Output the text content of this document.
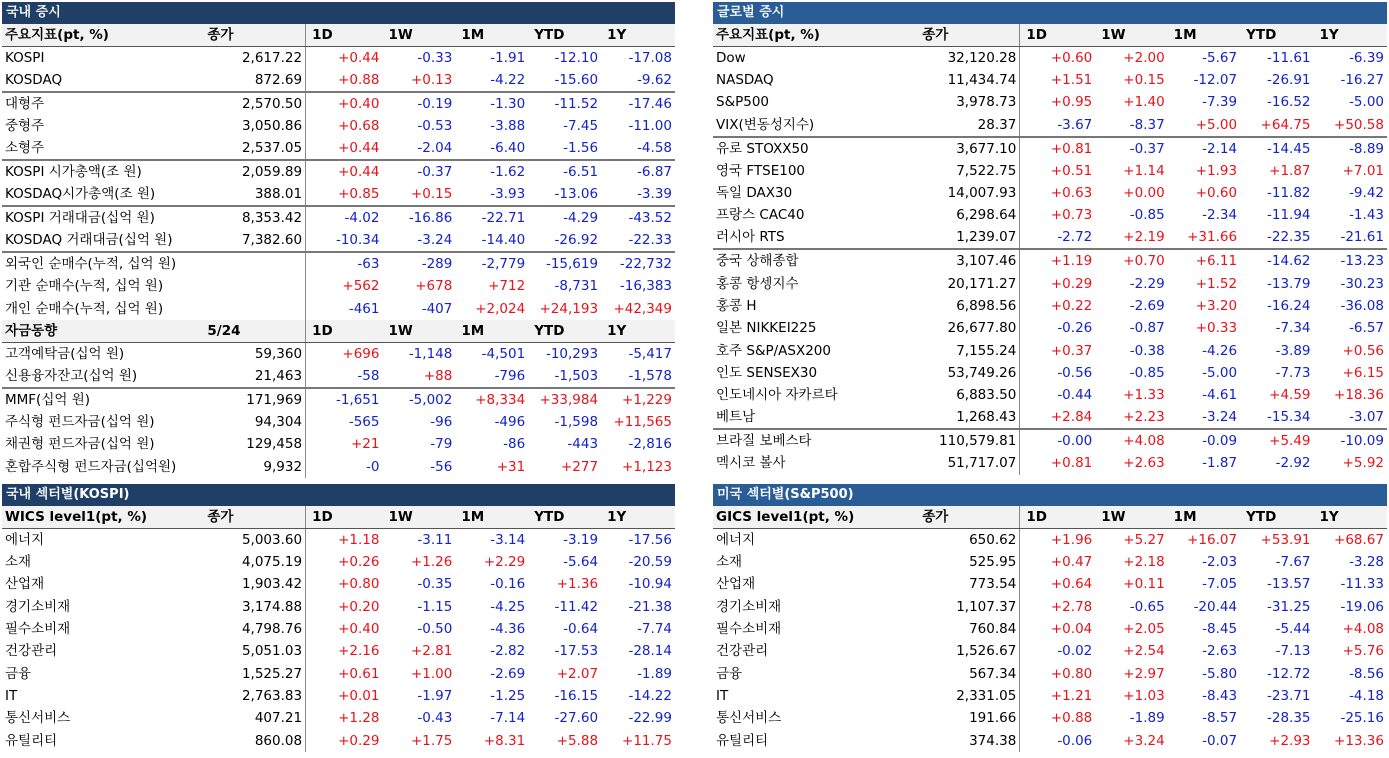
국내 증시
주요지표(pt, %)	종가	1D	1W	1M	YTD	1Y
KOSPI	2,617.22	+0.44	-0.33	-1.91	-12.10	-17.08
KOSDAQ	872.69	+0.88	+0.13	-4.22	-15.60	-9.62
대형주	2,570.50	+0.40	-0.19	-1.30	-11.52	-17.46
중형주	3,050.86	+0.68	-0.53	-3.88	-7.45	-11.00
소형주	2,537.05	+0.44	-2.04	-6.40	-1.56	-4.58
KOSPI 시가총액(조 원)	2,059.89	+0.44	-0.37	-1.62	-6.51	-6.87
KOSDAQ시가총액(조 원)	388.01	+0.85	+0.15	-3.93	-13.06	-3.39
KOSPI 거래대금(십억 원)	8,353.42	-4.02	-16.86	-22.71	-4.29	-43.52
KOSDAQ 거래대금(십억 원)	7,382.60	-10.34	-3.24	-14.40	-26.92	-22.33
외국인 순매수(누적, 십억 원)		-63	-289	-2,779	-15,619	-22,732
기관 순매수(누적, 십억 원)		+562	+678	+712	-8,731	-16,383
개인 순매수(누적, 십억 원)		-461	-407	+2,024	+24,193	+42,349
자금동향	5/24	1D	1W	1M	YTD	1Y
고객예탁금(십억 원)	59,360	+696	-1,148	-4,501	-10,293	-5,417
신용융자잔고(십억 원)	21,463	-58	+88	-796	-1,503	-1,578
MMF(십억 원)	171,969	-1,651	-5,002	+8,334	+33,984	+1,229
주식형 펀드자금(십억 원)	94,304	-565	-96	-496	-1,598	+11,565
채권형 펀드자금(십억 원)	129,458	+21	-79	-86	-443	-2,816
혼합주식형 펀드자금(십억원)	9,932	-0	-56	+31	+277	+1,123
글로벌 증시
주요지표(pt, %)	종가	1D	1W	1M	YTD	1Y
Dow	32,120.28	+0.60	+2.00	-5.67	-11.61	-6.39
NASDAQ	11,434.74	+1.51	+0.15	-12.07	-26.91	-16.27
S&P500	3,978.73	+0.95	+1.40	-7.39	-16.52	-5.00
VIX(변동성지수)	28.37	-3.67	-8.37	+5.00	+64.75	+50.58
유로 STOXX50	3,677.10	+0.81	-0.37	-2.14	-14.45	-8.89
영국 FTSE100	7,522.75	+0.51	+1.14	+1.93	+1.87	+7.01
독일 DAX30	14,007.93	+0.63	+0.00	+0.60	-11.82	-9.42
프랑스 CAC40	6,298.64	+0.73	-0.85	-2.34	-11.94	-1.43
러시아 RTS	1,239.07	-2.72	+2.19	+31.66	-22.35	-21.61
중국 상해종합	3,107.46	+1.19	+0.70	+6.11	-14.62	-13.23
홍콩 항셍지수	20,171.27	+0.29	-2.29	+1.52	-13.79	-30.23
홍콩 H	6,898.56	+0.22	-2.69	+3.20	-16.24	-36.08
일본 NIKKEI225	26,677.80	-0.26	-0.87	+0.33	-7.34	-6.57
호주 S&P/ASX200	7,155.24	+0.37	-0.38	-4.26	-3.89	+0.56
인도 SENSEX30	53,749.26	-0.56	-0.85	-5.00	-7.73	+6.15
인도네시아 자카르타	6,883.50	-0.44	+1.33	-4.61	+4.59	+18.36
베트남	1,268.43	+2.84	+2.23	-3.24	-15.34	-3.07
브라질 보베스타	110,579.81	-0.00	+4.08	-0.09	+5.49	-10.09
멕시코 볼사	51,717.07	+0.81	+2.63	-1.87	-2.92	+5.92
국내 섹터별(KOSPI)
WICS level1(pt, %)	종가	1D	1W	1M	YTD	1Y
에너지	5,003.60	+1.18	-3.11	-3.14	-3.19	-17.56
소재	4,075.19	+0.26	+1.26	+2.29	-5.64	-20.59
산업재	1,903.42	+0.80	-0.35	-0.16	+1.36	-10.94
경기소비재	3,174.88	+0.20	-1.15	-4.25	-11.42	-21.38
필수소비재	4,798.76	+0.40	-0.50	-4.36	-0.64	-7.74
건강관리	5,051.03	+2.16	+2.81	-2.82	-17.53	-28.14
금융	1,525.27	+0.61	+1.00	-2.69	+2.07	-1.89
IT	2,763.83	+0.01	-1.97	-1.25	-16.15	-14.22
통신서비스	407.21	+1.28	-0.43	-7.14	-27.60	-22.99
유틸리티	860.08	+0.29	+1.75	+8.31	+5.88	+11.75
미국 섹터별(S&P500)
GICS level1(pt, %)	종가	1D	1W	1M	YTD	1Y
에너지	650.62	+1.96	+5.27	+16.07	+53.91	+68.67
소재	525.95	+0.47	+2.18	-2.03	-7.67	-3.28
산업재	773.54	+0.64	+0.11	-7.05	-13.57	-11.33
경기소비재	1,107.37	+2.78	-0.65	-20.44	-31.25	-19.06
필수소비재	760.84	+0.04	+2.05	-8.45	-5.44	+4.08
건강관리	1,526.67	-0.02	+2.54	-2.63	-7.13	+5.76
금융	567.34	+0.80	+2.97	-5.80	-12.72	-8.56
IT	2,331.05	+1.21	+1.03	-8.43	-23.71	-4.18
통신서비스	191.66	+0.88	-1.89	-8.57	-28.35	-25.16
유틸리티	374.38	-0.06	+3.24	-0.07	+2.93	+13.36
